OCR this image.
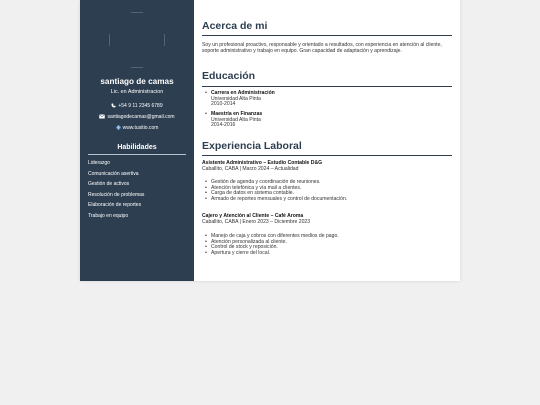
santiago de camas
Lic. en Administracion
+54 9 11 2345 6789
santiagodecamas@gmail.com
www.tusitio.com
Habilidades
Liderazgo
Comunicación asertiva
Gestión de activos
Resolución de problemas
Elaboración de reportes
Trabajo en equipo
Acerca de mi
Soy un profesional proactivo, responsable y orientado a resultados, con experiencia en atención al cliente, soporte administrativo y trabajo en equipo. Gran capacidad de adaptación y aprendizaje.
Educación
• Carrera en Administración
Universidad Alta Pinta
2010-2014
• Maestría en Finanzas
Universidad Alta Pinta
2014-2016
Experiencia Laboral
Asistente Administrativo – Estudio Contable D&G
Caballito, CABA | Marzo 2024 – Actualidad
• Gestión de agenda y coordinación de reuniones.
• Atención telefónica y vía mail a clientes.
• Carga de datos en sistema contable.
• Armado de reportes mensuales y control de documentación.
Cajero y Atención al Cliente – Café Aroma
Caballito, CABA | Enero 2023 – Diciembre 2023
• Manejo de caja y cobros con diferentes medios de pago.
• Atención personalizada al cliente.
• Control de stock y reposición.
• Apertura y cierre del local.
